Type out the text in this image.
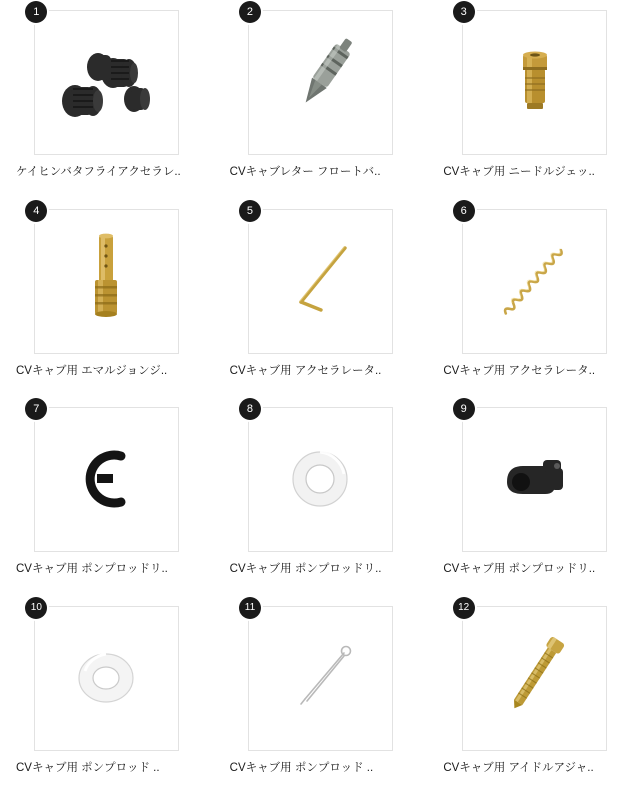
1
ケイヒンバタフライアクセラレ..
2
CVキャブレター フロートバ..
3
CVキャブ用 ニードルジェッ..
4
CVキャブ用 エマルジョンジ..
5
CVキャブ用 アクセラレータ..
6
CVキャブ用 アクセラレータ..
7
CVキャブ用 ポンプロッドリ..
8
CVキャブ用 ポンプロッドリ..
9
CVキャブ用 ポンプロッドリ..
10
CVキャブ用 ポンプロッド ..
11
CVキャブ用 ポンプロッド ..
12
CVキャブ用 アイドルアジャ..
